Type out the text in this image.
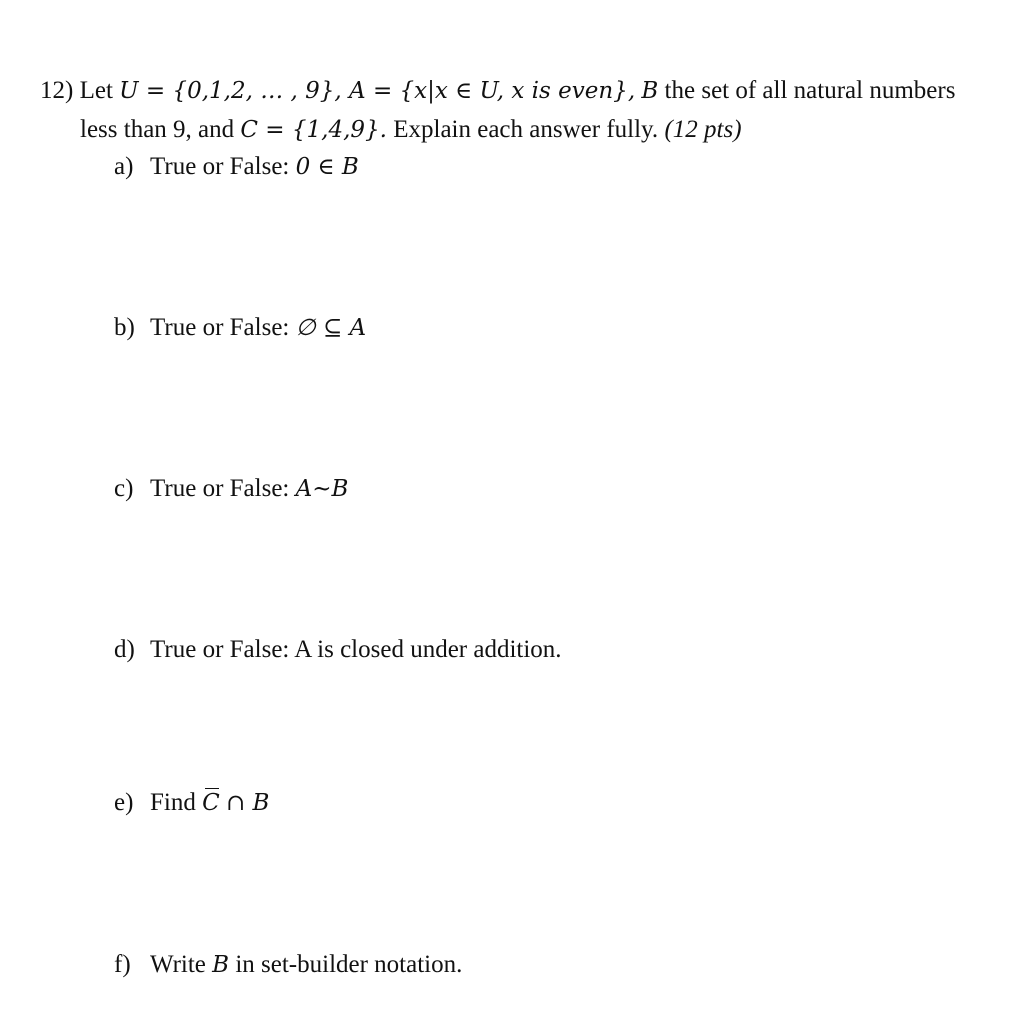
12) Let U = {0,1,2, … , 9}, A = {x|x ∈ U, x is even}, B the set of all natural numbers
less than 9, and C = {1,4,9}. Explain each answer fully. (12 pts)
a) True or False: 0 ∈ B
b) True or False: ∅ ⊆ A
c) True or False: A~B
d) True or False: A is closed under addition.
e) Find C ∩ B
f) Write B in set-builder notation.
